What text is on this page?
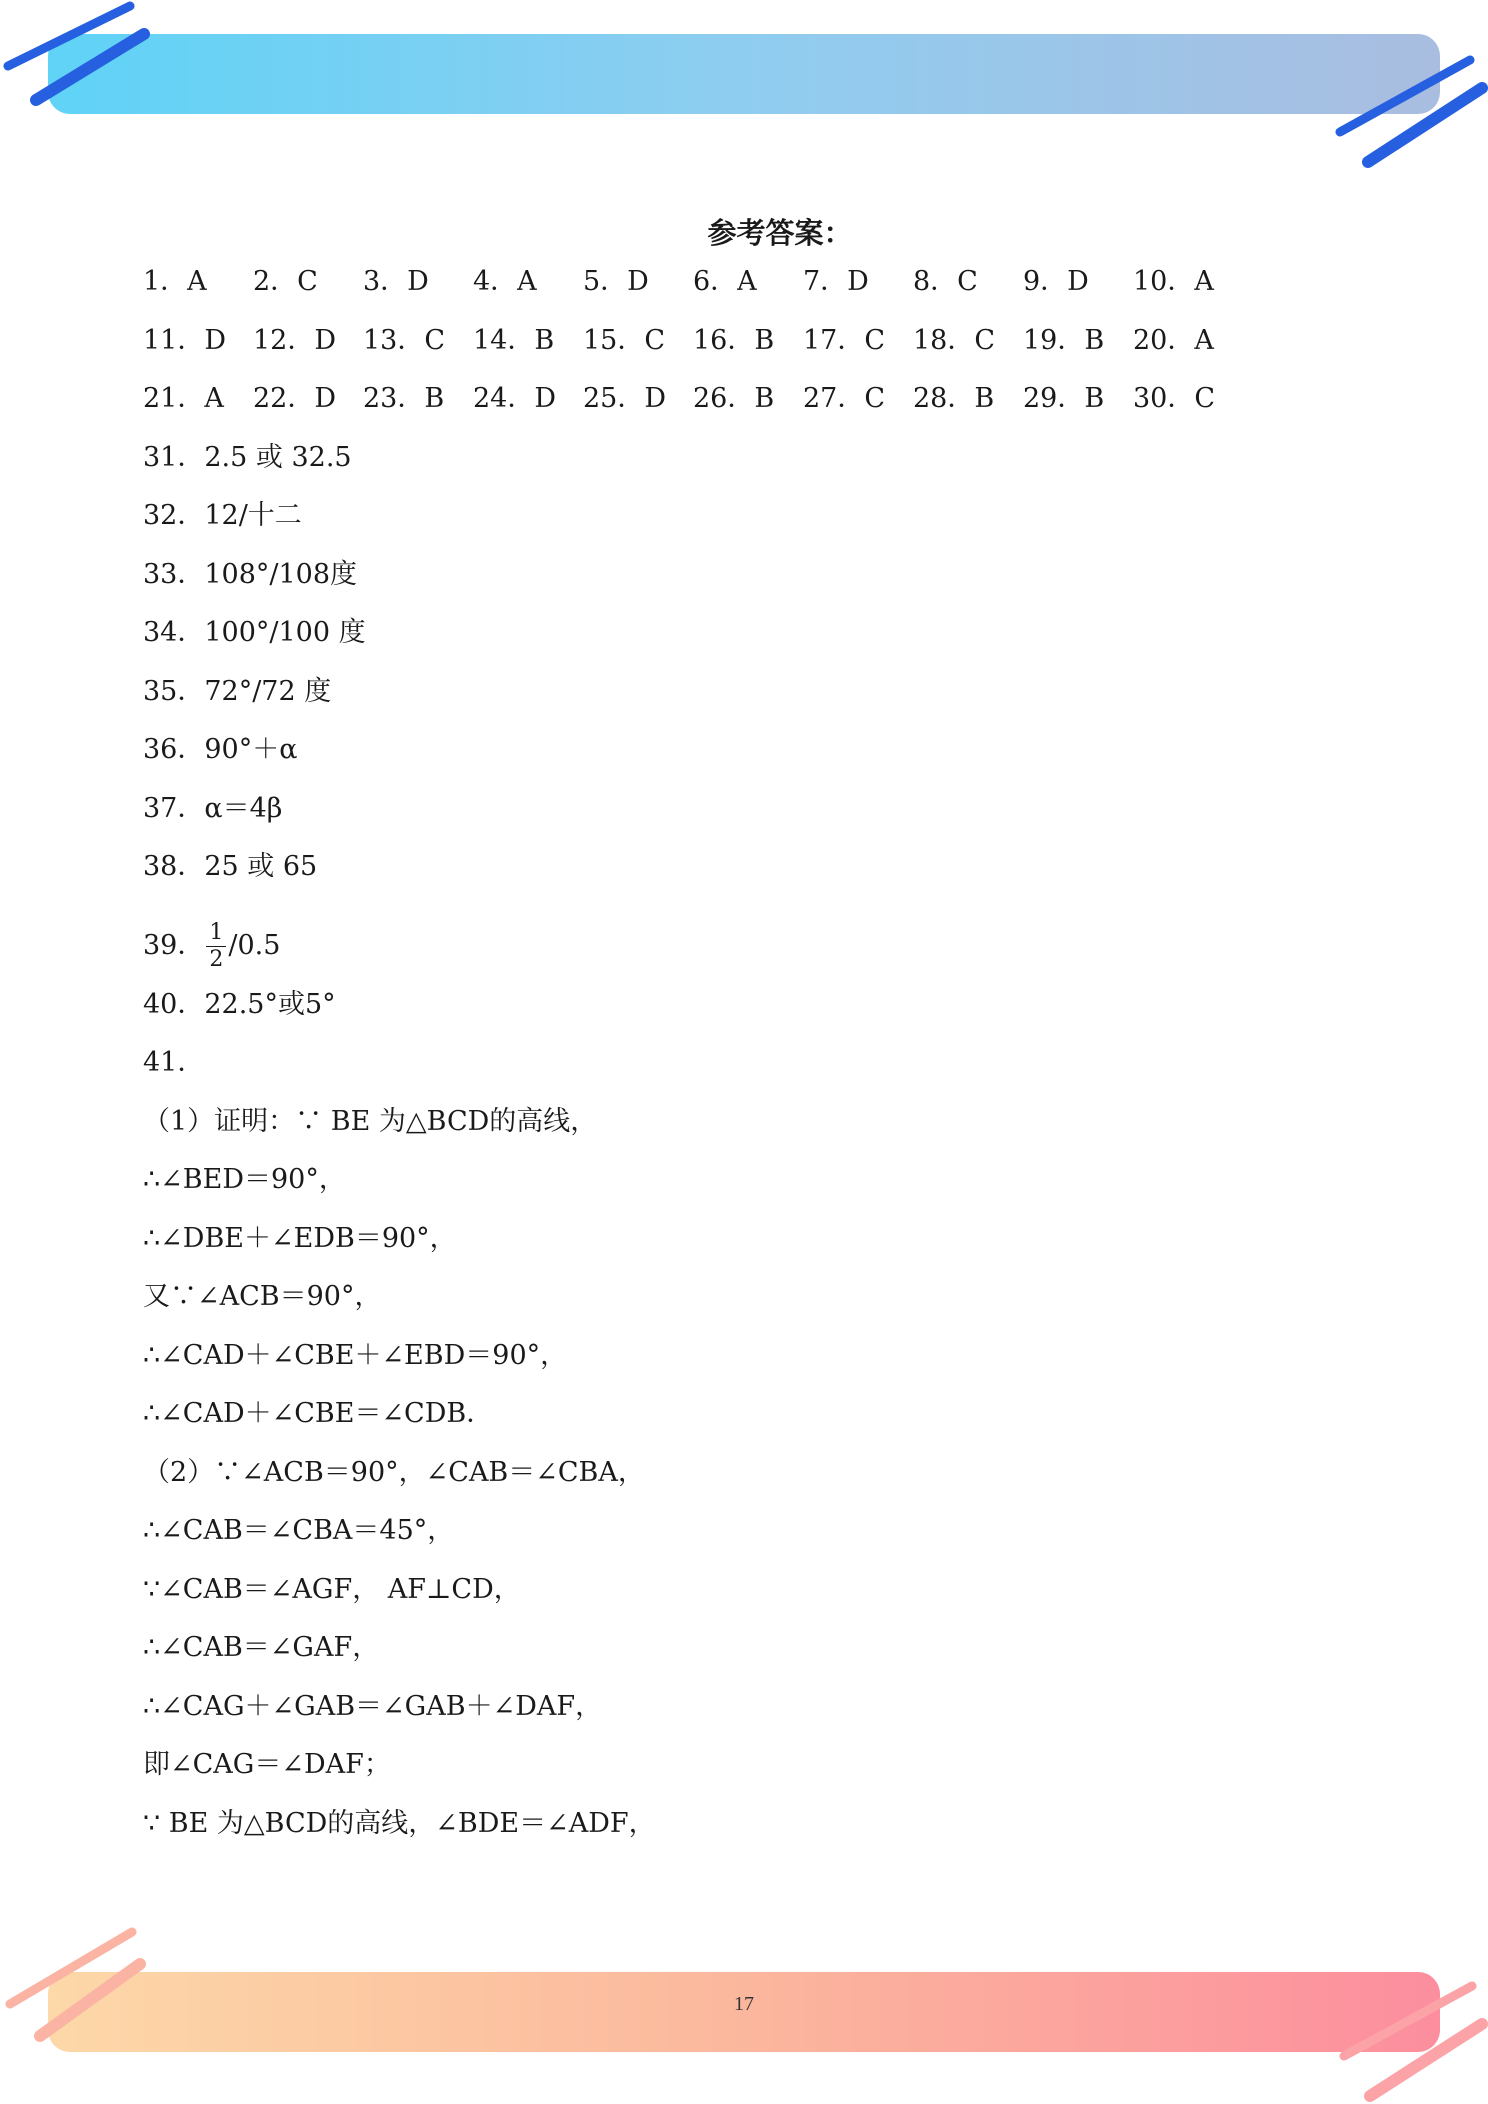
参考答案：
1．A	2．C	3．D	4．A	5．D	6．A	7．D	8．C	9．D	10．A
11．D 12．D 13．C	14．B	15．C	16．B	17．C	18．C	19．B	20．A
21．A	22．D 23．B	24．D 25．D 26．B	27．C	28．B	29．B	30．C
31．2.5 或 32.5
32．12/十二
33．108°/108度
34．100°/100 度
35．72°/72 度
36．90°＋α
37．α＝4β
38．25 或 65
39． $\frac{1}{2} /0.5$
40．22.5°或5°
41．
（1）证明：∵ BE 为△BCD的高线，
∴∠BED＝90°，
∴∠DBE＋∠EDB＝90°，
又∵∠ACB＝90°，
∴∠CAD＋∠CBE＋∠EBD＝90°，
∴∠CAD＋∠CBE＝∠CDB．
（2）∵∠ACB＝90°，∠CAB＝∠CBA，
∴∠CAB＝∠CBA＝45°，
∵∠CAB＝∠AGF， AF⊥CD，
∴∠CAB＝∠GAF，
∴∠CAG＋∠GAB＝∠GAB＋∠DAF，
即∠CAG＝∠DAF；
∵ BE 为△BCD的高线，∠BDE＝∠ADF，
17
